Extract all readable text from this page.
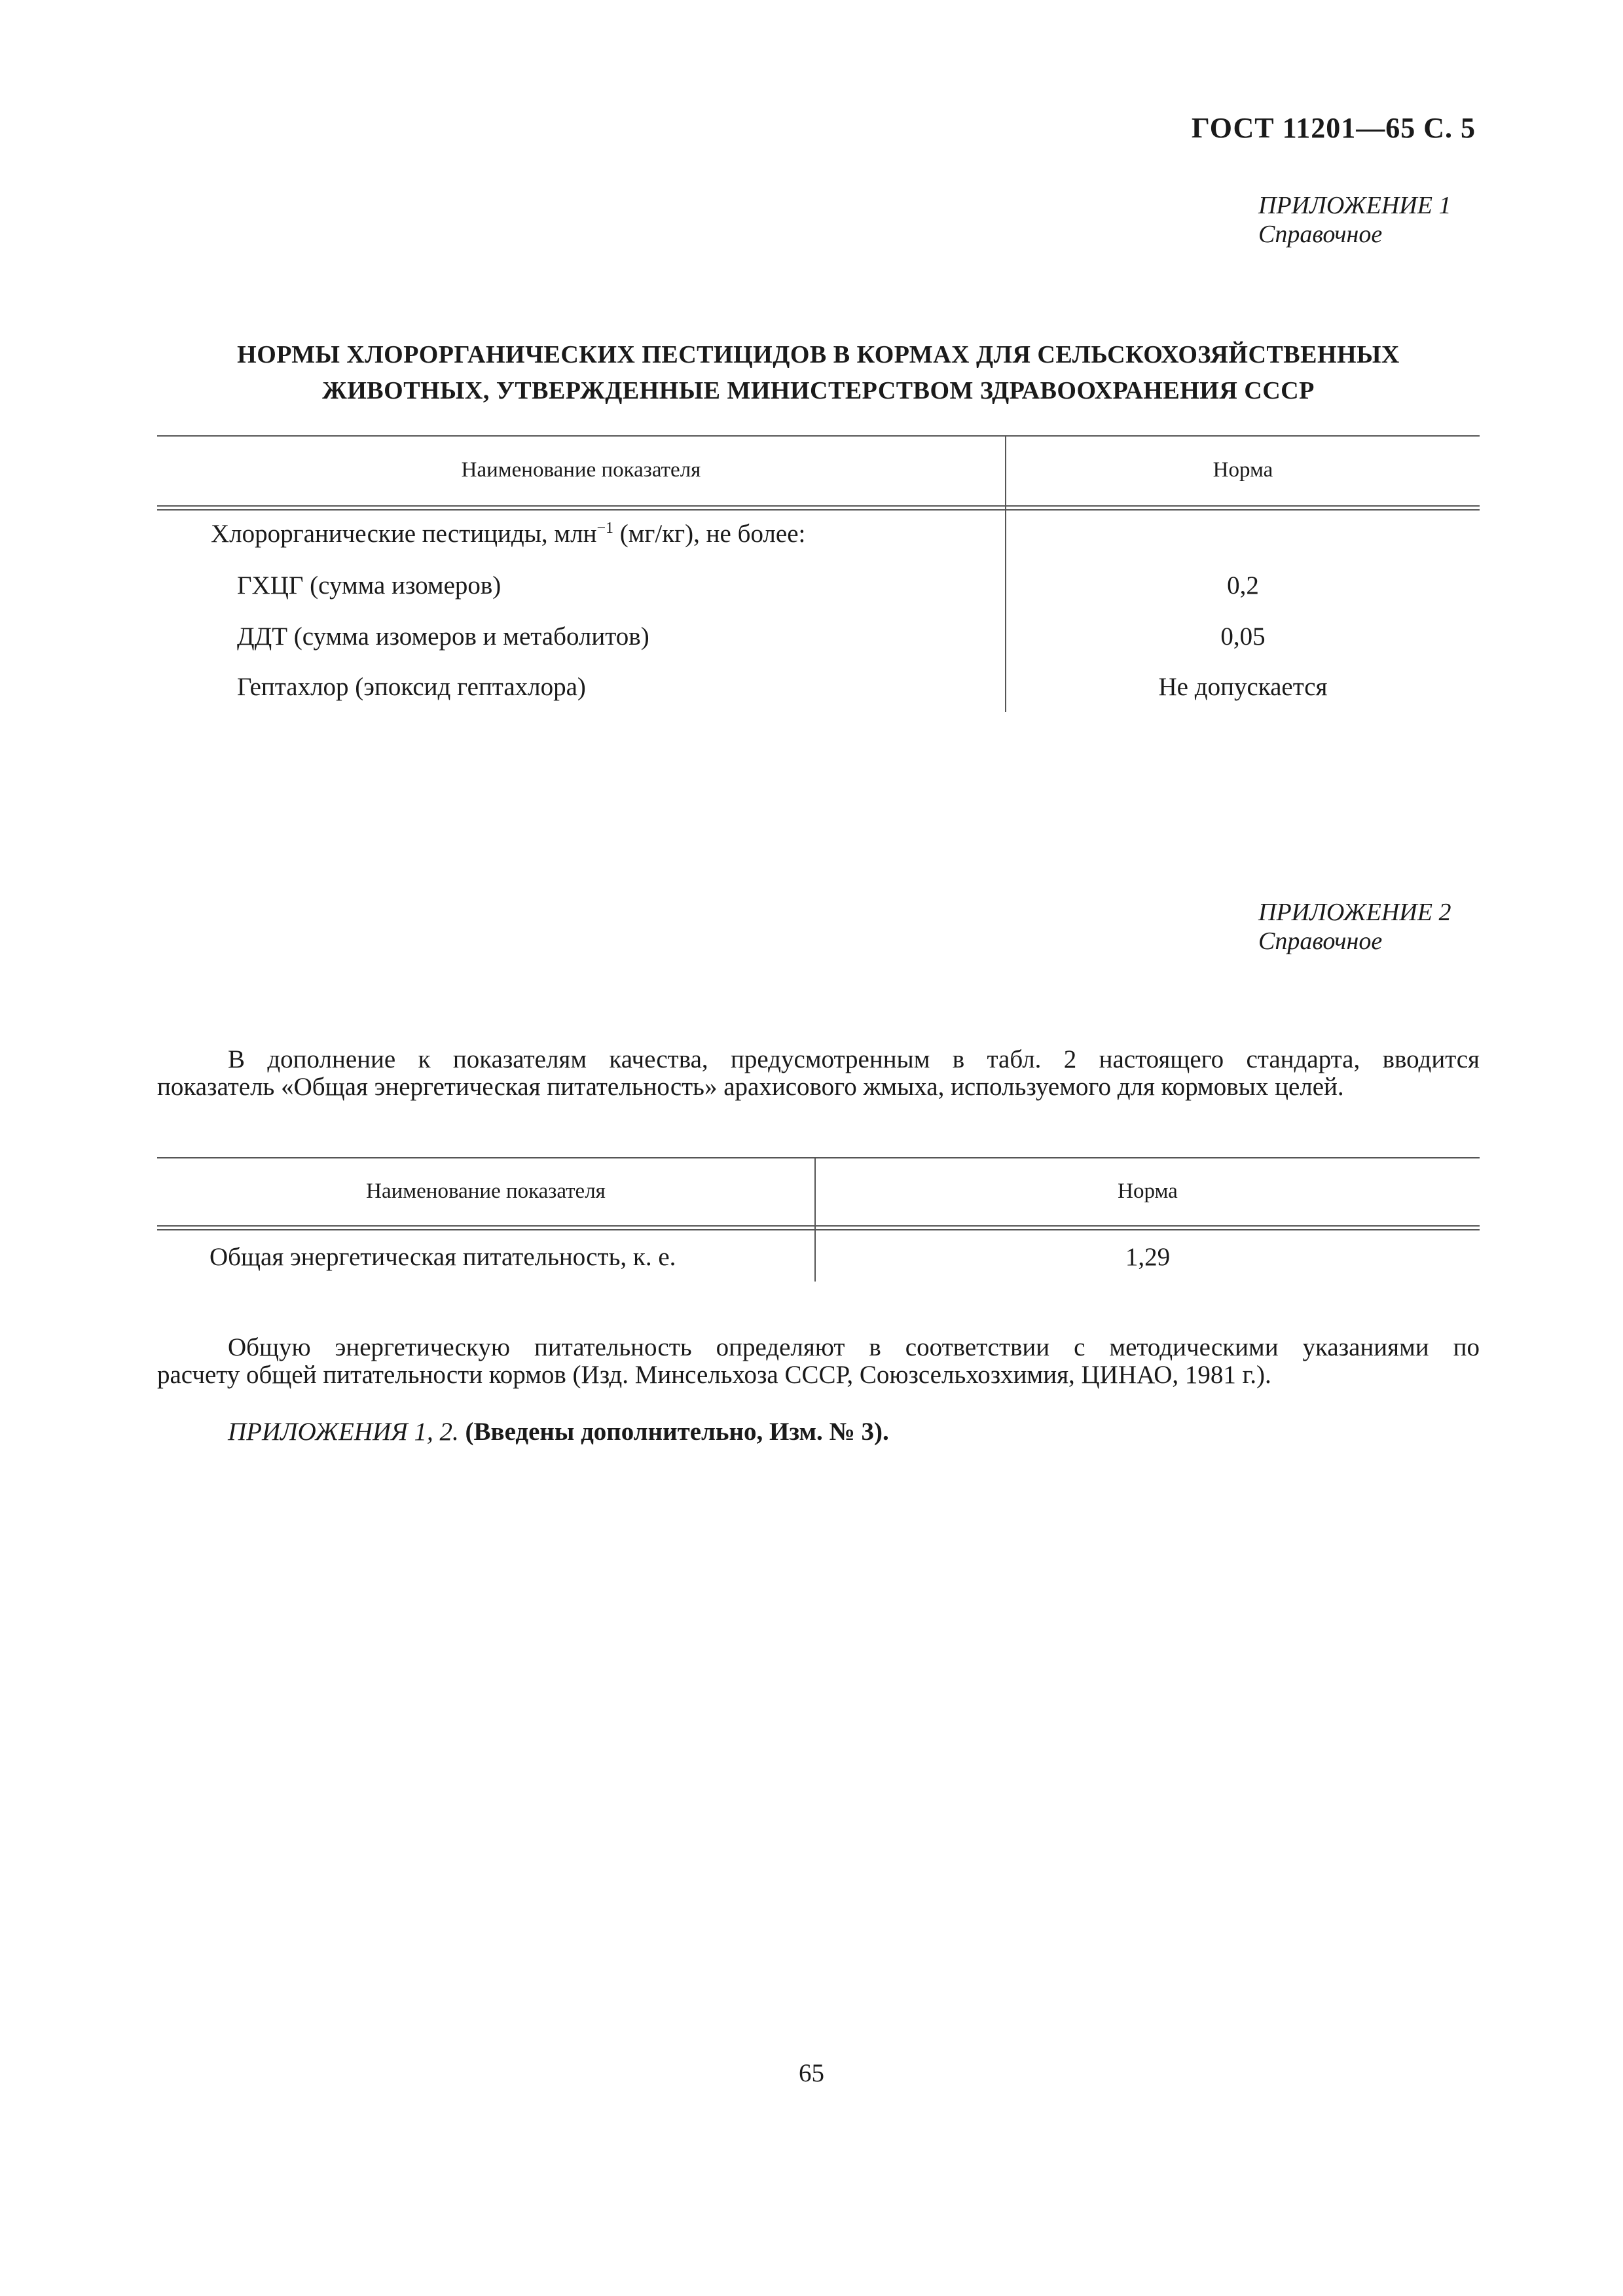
ГОСТ 11201—65 С. 5
ПРИЛОЖЕНИЕ 1
Справочное
НОРМЫ ХЛОРОРГАНИЧЕСКИХ ПЕСТИЦИДОВ В КОРМАХ ДЛЯ СЕЛЬСКОХОЗЯЙСТВЕННЫХ
ЖИВОТНЫХ, УТВЕРЖДЕННЫЕ МИНИСТЕРСТВОМ ЗДРАВООХРАНЕНИЯ СССР
Наименование показателя	Норма
Хлорорганические пестициды, млн$^{-1}$ (мг/кг), не более:
ГХЦГ (сумма изомеров)	0,2
ДДТ (сумма изомеров и метаболитов)	0,05
Гептахлор (эпоксид гептахлора)	Не допускается
ПРИЛОЖЕНИЕ 2
Справочное
В дополнение к показателям качества, предусмотренным в табл. 2 настоящего стандарта, вводится
показатель «Общая энергетическая питательность» арахисового жмыха, используемого для кормовых целей.
Наименование показателя	Норма
Общая энергетическая питательность, к. е.	1,29
Общую энергетическую питательность определяют в соответствии с методическими указаниями по
расчету общей питательности кормов (Изд. Минсельхоза СССР, Союзсельхозхимия, ЦИНАО, 1981 г.).
ПРИЛОЖЕНИЯ 1, 2. (Введены дополнительно, Изм. № 3).
65
